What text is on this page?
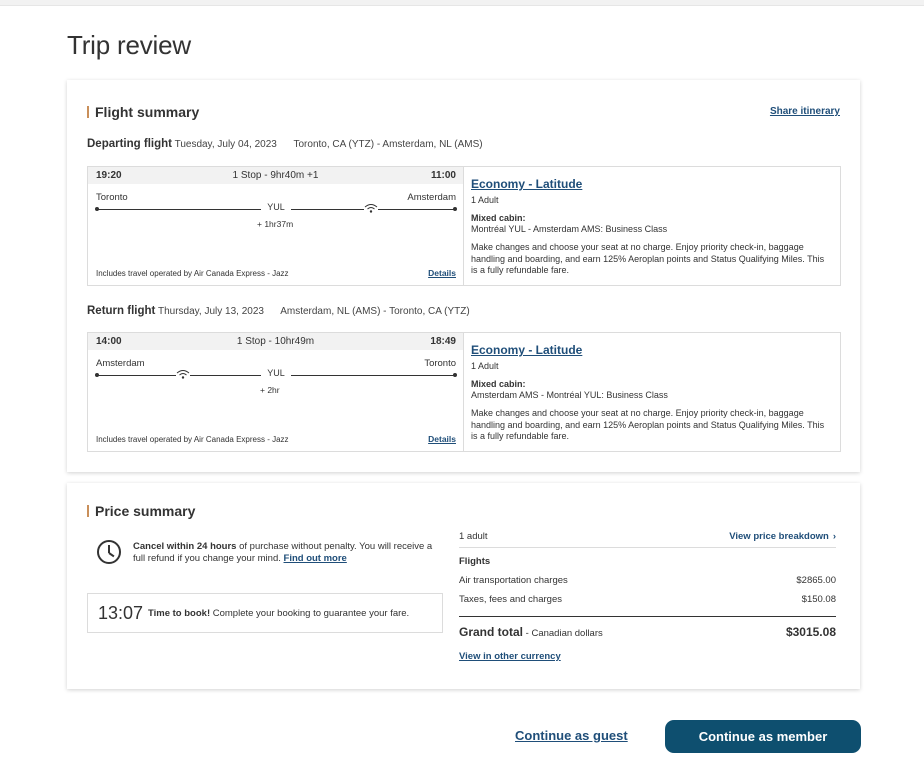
Trip review
Flight summary	Share itinerary
Departing flight Tuesday, July 04, 2023 Toronto, CA (YTZ) - Amsterdam, NL (AMS)
19:20	1 Stop - 9hr40m +1	11:00
Toronto	Amsterdam
YUL
+ 1hr37m
Includes travel operated by Air Canada Express - Jazz	Details
Economy - Latitude
1 Adult
Mixed cabin:
Montréal YUL - Amsterdam AMS: Business Class
Make changes and choose your seat at no charge. Enjoy priority check-in, baggage handling and boarding, and earn 125% Aeroplan points and Status Qualifying Miles. This is a fully refundable fare.
Return flight Thursday, July 13, 2023 Amsterdam, NL (AMS) - Toronto, CA (YTZ)
14:00	1 Stop - 10hr49m	18:49
Amsterdam	Toronto
YUL
+ 2hr
Includes travel operated by Air Canada Express - Jazz	Details
Economy - Latitude
1 Adult
Mixed cabin:
Amsterdam AMS - Montréal YUL: Business Class
Make changes and choose your seat at no charge. Enjoy priority check-in, baggage handling and boarding, and earn 125% Aeroplan points and Status Qualifying Miles. This is a fully refundable fare.
Price summary
Cancel within 24 hours of purchase without penalty. You will receive a full refund if you change your mind. Find out more
13:07 Time to book! Complete your booking to guarantee your fare.
1 adult	View price breakdown ›
Flights
Air transportation charges	$2865.00
Taxes, fees and charges	$150.08
Grand total - Canadian dollars	$3015.08
View in other currency
Continue as guest	Continue as member
